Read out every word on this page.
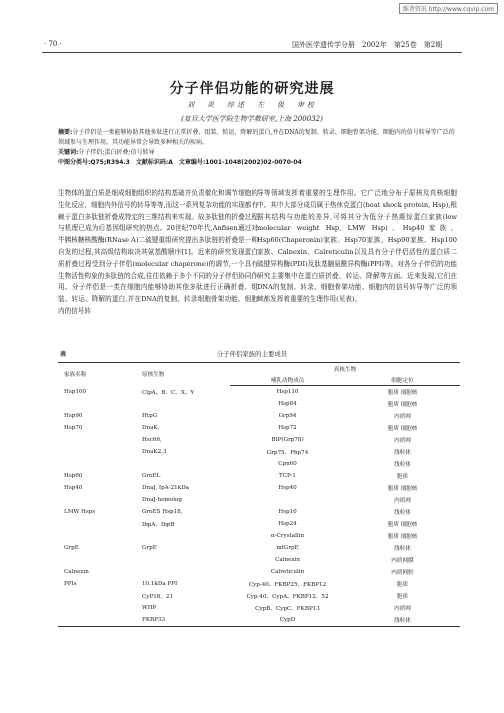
维普资讯 http://www.cqvip.com
· 70 ·	国外医学遗传学分册　2002年　第25卷　第2期
分子伴侣功能的研究进展
刘　炎　综述　左　伋　审校
(复旦大学医学院生物学教研室,上海 200032)
摘要:分子伴侣是一类能够协助其他多肽进行正常折叠、组装、转运、降解的蛋白,并在DNA的复制、转录、细胞骨架功能、细胞内的信号转导等广泛的领域参与生理作用。其功能异常会导致多种相关的疾病。
关键词:分子伴侣;蛋白折叠;信号转导
中图分类号:Q75;R394.3　文献标识码:A　文章编号:1001-1048(2002)02-0070-04
生物体的蛋白质是细成细胞组织的结构基础并负责催化和调节细胞的生化反应、细胞内外信号的转导等等,而这一系列复杂功能的实现都有赖于蛋白多肽链折叠成特定的三维结构来实现。故多肽链的折叠过程与机理已成为后基因组研究的热点。20世纪70年代,Anfisen通过对牛胰核糖核酸酶(RNase A)二硫键重组研究提出多肽链的折叠是一种自发的过程,其高级结构取决其氨基酸顺序[1]。近来的研究发现蛋白质折叠过程受到分子伴侣(molecular chaperone)的调节,一个具有生物活性构象的多肽链的合成,往往依赖于多个不同的分子伴侣协同作用。分子伴侣是一类在细胞内能够协助其他多肽进行正确折叠、组装、转运、降解的蛋白,并在DNA的复制、转录细胞骨架功能、细胞内的信号转
导等领域发挥着重要的生理作用。它广泛地分布于原核及真核细胞中。其中大部分成员属于热休克蛋白(heat shock protein, Hsp),根据其结构与功能的差异,可将其分为低分子热震惊蛋白家族(low molecular weight Hsp, LMW Hsp)、Hsp40家族、Hsp60(Chaperonin)家族、Hsp70家族、Hsp90家族、Hsp100家族、Calnexin、Calreticulin以及具有分子伴侣活性的蛋白质二硫键异构酶(PDI)及肽基脯氨酰异构酶(PPI)等。对各分子伴侣的功能研究主要集中在蛋白质折叠、转运、降解等方面。近来发现,它们在DNA的复制、转录、细胞骨架功能、细胞内的信号转导等广泛的领域都发挥着重要的生理作用(见表)。
表	分子伴侣家族的主要成员
家族名称	原核生物	真核生物	
		哺乳动物成员	细胞定位
Hsp100	ClpA、B、C、X、Y	Hsp110	胞质 细胞核
		Hsp84	胞质 细胞核
Hsp90	HtpG	Grp94	内质网
Hsp70	DnaK,	Hsp72	胞质 细胞核
	Hsc66,	BIP(Grp78)	内质网
	DnaK2,3	Grp75、Php74	线粒体
		Cpn60	线粒体
Hsp60	GroEL	TCP-1	胞质
Hsp40	DnaJ, IpA-21kDa	Hsp40	胞质 细胞核
	DnaJ-homolog		内质网
LMW Hsps	GroES Hsp18,	Hsp10	线粒体
	IbpA、IbpB	Hsp24	胞质 细胞核
		α-Crystallin	胞质 细胞核
GrpE	GrpE	mtGrpE	线粒体
		Calnexin	内质网膜
Calnexin		Calreticulin	内质网腔
PPIs	10.1kDa PPI	Cyp-40、FKBP25、FKBP12	胞质
	CyP18、21	Cyp-40、CypA、FKBP12、52	胞质
	WHP	CypB、CypC、FKBP13	内质网
	FKBP33	CypD	线粒体
